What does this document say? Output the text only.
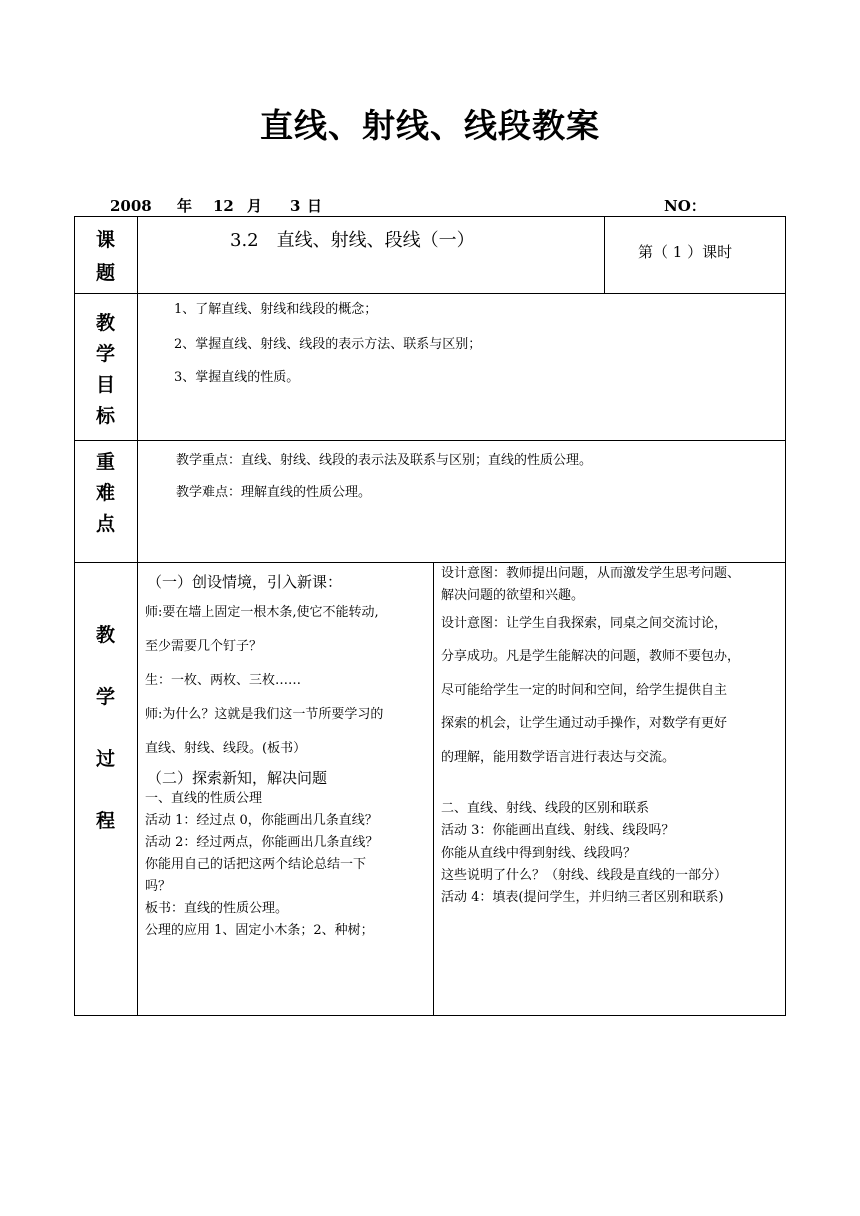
直线、射线、线段教案
2008 年 12 月 3 日	NO：
课
题
3.2　直线、射线、段线（一）
第（ 1 ）课时
教
学
目
标
1、了解直线、射线和线段的概念；
2、掌握直线、射线、线段的表示方法、联系与区别；
3、掌握直线的性质。
重
难
点
教学重点：直线、射线、线段的表示法及联系与区别；直线的性质公理。
教学难点：理解直线的性质公理。
教
学
过
程
（一）创设情境，引入新课：
师:要在墙上固定一根木条,使它不能转动,
至少需要几个钉子？
生：一枚、两枚、三枚……
师:为什么？这就是我们这一节所要学习的
直线、射线、线段。(板书）
（二）探索新知，解决问题
一、直线的性质公理
活动 1：经过点 0，你能画出几条直线？
活动 2：经过两点，你能画出几条直线？
你能用自己的话把这两个结论总结一下
吗？
板书：直线的性质公理。
公理的应用 1、固定小木条；2、种树；
设计意图：教师提出问题，从而激发学生思考问题、
解决问题的欲望和兴趣。
设计意图：让学生自我探索，同桌之间交流讨论，
分享成功。凡是学生能解决的问题，教师不要包办，
尽可能给学生一定的时间和空间，给学生提供自主
探索的机会，让学生通过动手操作，对数学有更好
的理解，能用数学语言进行表达与交流。
二、直线、射线、线段的区别和联系
活动 3：你能画出直线、射线、线段吗？
你能从直线中得到射线、线段吗？
这些说明了什么？（射线、线段是直线的一部分）
活动 4：填表(提问学生，并归纳三者区别和联系)
